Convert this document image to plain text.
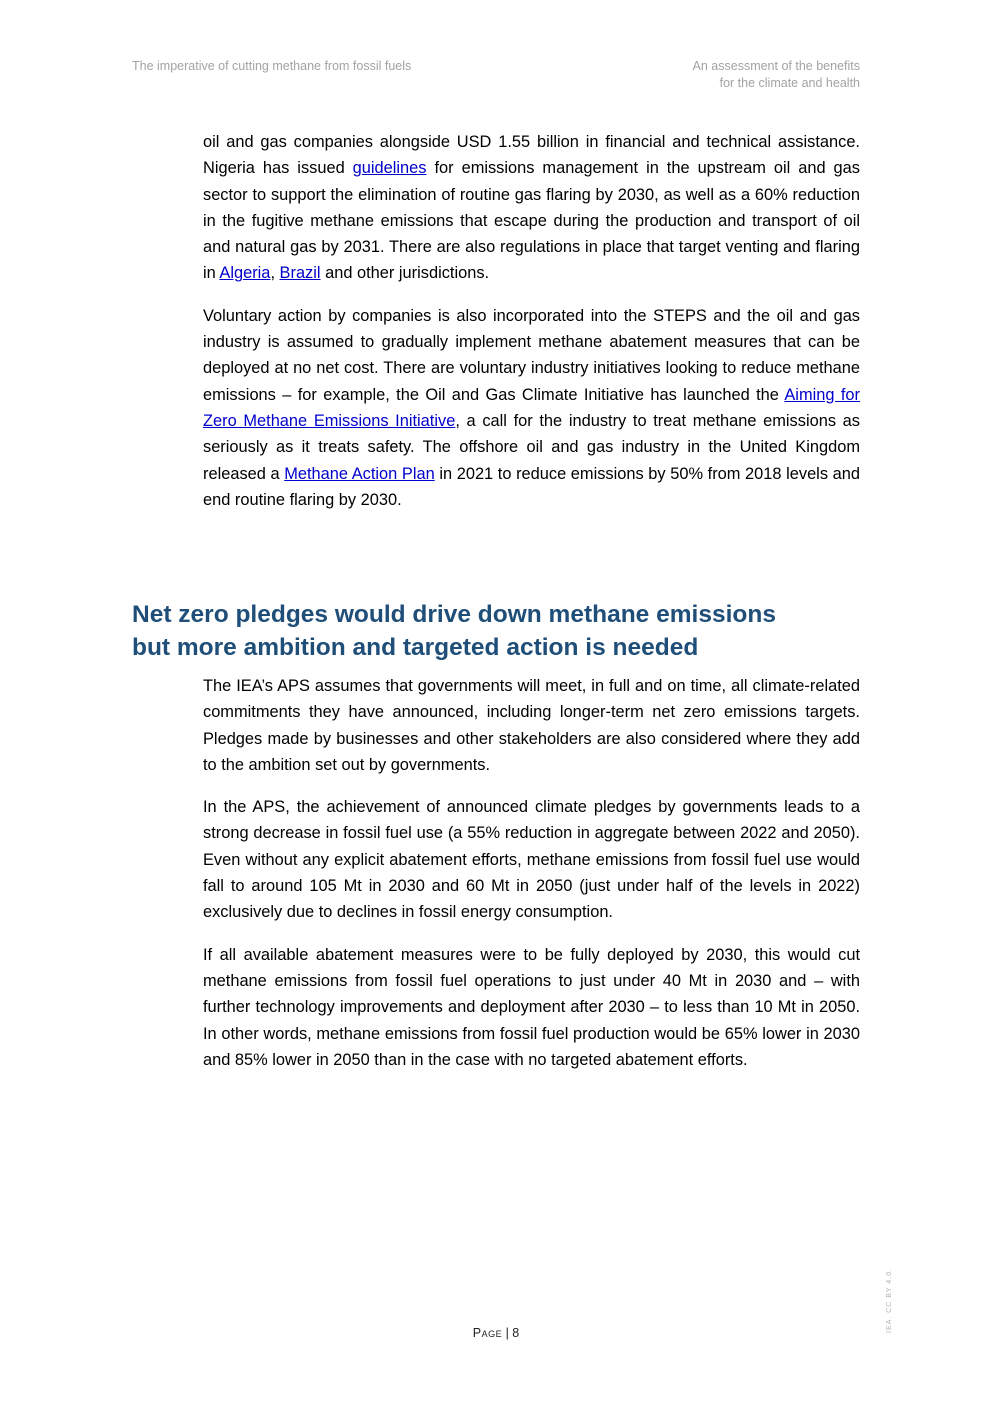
The imperative of cutting methane from fossil fuels	An assessment of the benefits
for the climate and health

oil and gas companies alongside USD 1.55 billion in financial and technical assistance. Nigeria has issued guidelines for emissions management in the upstream oil and gas sector to support the elimination of routine gas flaring by 2030, as well as a 60% reduction in the fugitive methane emissions that escape during the production and transport of oil and natural gas by 2031. There are also regulations in place that target venting and flaring in Algeria, Brazil and other jurisdictions.

Voluntary action by companies is also incorporated into the STEPS and the oil and gas industry is assumed to gradually implement methane abatement measures that can be deployed at no net cost. There are voluntary industry initiatives looking to reduce methane emissions – for example, the Oil and Gas Climate Initiative has launched the Aiming for Zero Methane Emissions Initiative, a call for the industry to treat methane emissions as seriously as it treats safety. The offshore oil and gas industry in the United Kingdom released a Methane Action Plan in 2021 to reduce emissions by 50% from 2018 levels and end routine flaring by 2030.

Net zero pledges would drive down methane emissions
but more ambition and targeted action is needed

The IEA’s APS assumes that governments will meet, in full and on time, all climate-related commitments they have announced, including longer-term net zero emissions targets. Pledges made by businesses and other stakeholders are also considered where they add to the ambition set out by governments.

In the APS, the achievement of announced climate pledges by governments leads to a strong decrease in fossil fuel use (a 55% reduction in aggregate between 2022 and 2050). Even without any explicit abatement efforts, methane emissions from fossil fuel use would fall to around 105 Mt in 2030 and 60 Mt in 2050 (just under half of the levels in 2022) exclusively due to declines in fossil energy consumption.

If all available abatement measures were to be fully deployed by 2030, this would cut methane emissions from fossil fuel operations to just under 40 Mt in 2030 and – with further technology improvements and deployment after 2030 – to less than 10 Mt in 2050. In other words, methane emissions from fossil fuel production would be 65% lower in 2030 and 85% lower in 2050 than in the case with no targeted abatement efforts.

Page | 8	IEA. CC BY 4.0.
